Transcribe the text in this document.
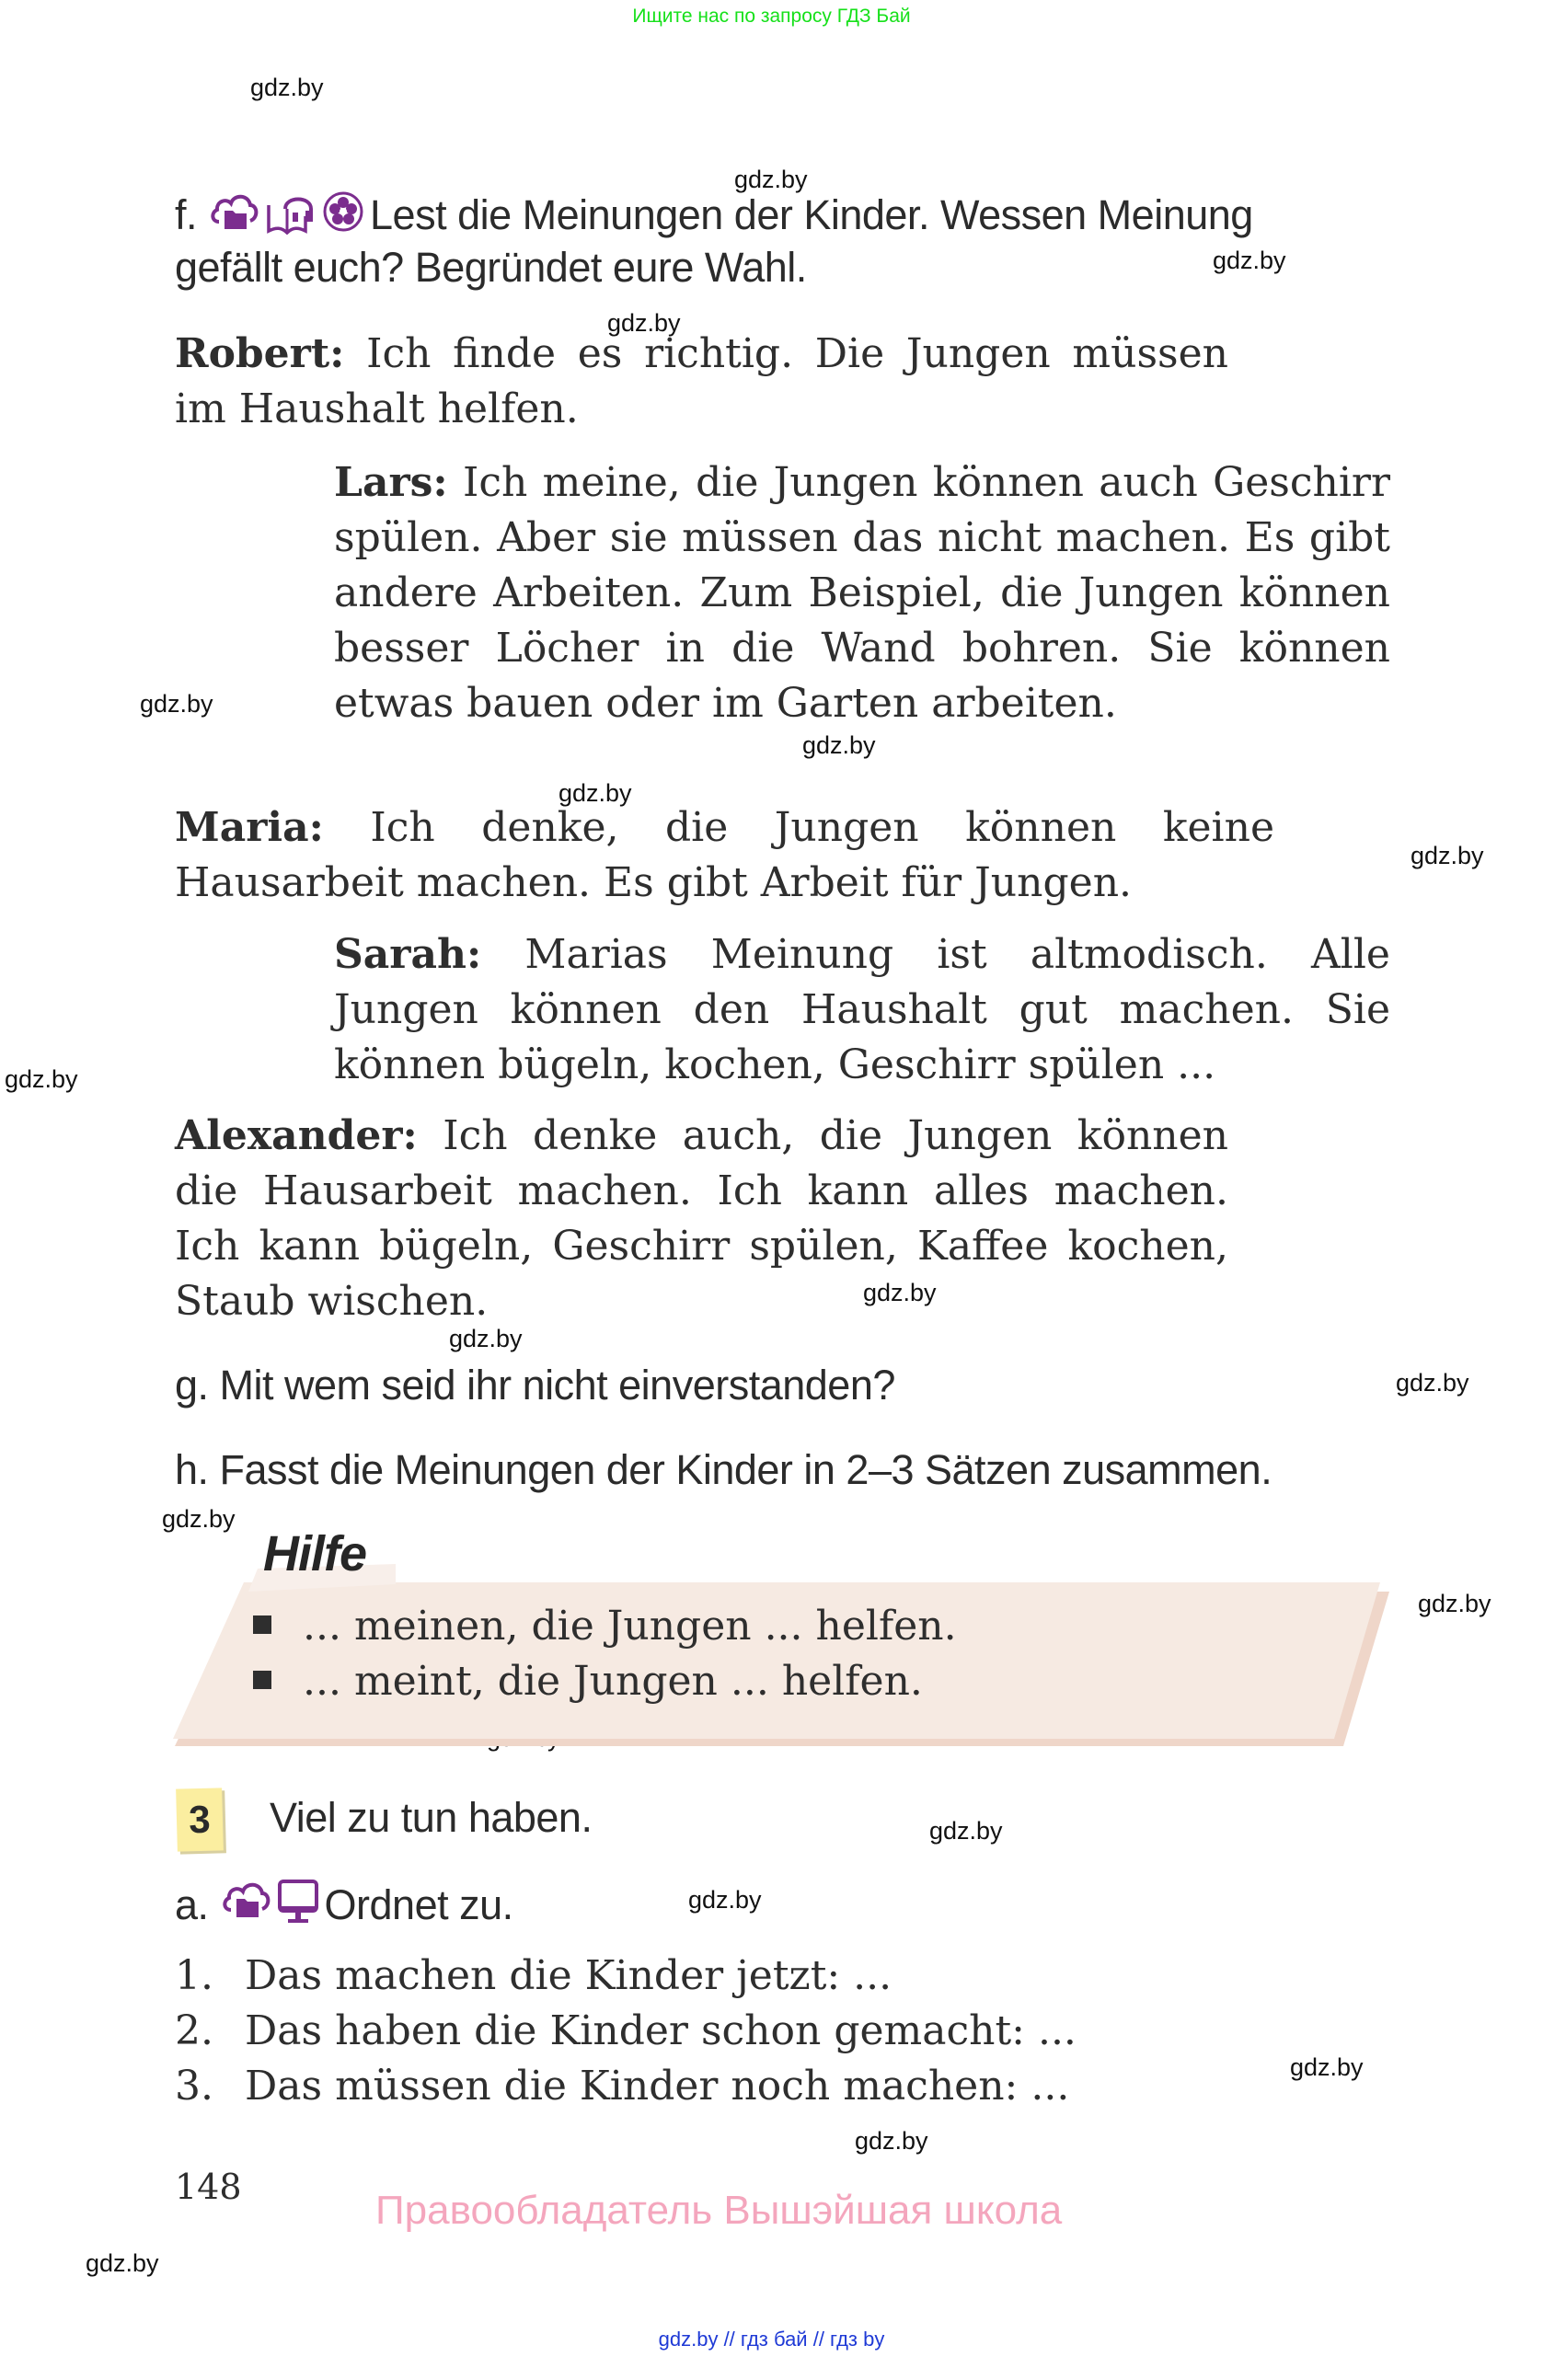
Ищите нас по запросу ГДЗ Бай
gdz.by
gdz.by
gdz.by
gdz.by
gdz.by
gdz.by
gdz.by
gdz.by
gdz.by
gdz.by
gdz.by
gdz.by
gdz.by
gdz.by
gdz.by
gdz.by
gdz.by
gdz.by
gdz.by
f.	Lest die Meinungen der Kinder. Wessen Meinung
gefällt euch? Begründet eure Wahl.
Robert: Ich finde es richtig. Die Jungen müssen im Haushalt helfen.
Lars: Ich meine, die Jungen können auch Geschirr spülen. Aber sie müssen das nicht machen. Es gibt andere Arbeiten. Zum Beispiel, die Jungen können besser Löcher in die Wand bohren. Sie können etwas bauen oder im Garten arbeiten.
Maria: Ich denke, die Jungen können keine Hausarbeit machen. Es gibt Arbeit für Jungen.
Sarah: Marias Meinung ist altmodisch. Alle Jungen können den Haushalt gut machen. Sie können bügeln, kochen, Geschirr spülen ...
Alexander: Ich denke auch, die Jungen können die Hausarbeit machen. Ich kann alles machen. Ich kann bügeln, Geschirr spülen, Kaffee kochen, Staub wischen.
g. Mit wem seid ihr nicht einverstanden?
h. Fasst die Meinungen der Kinder in 2–3 Sätzen zusammen.
Hilfe
... meinen, die Jungen ... helfen.
... meint, die Jungen ... helfen.
3	Viel zu tun haben.
a.	Ordnet zu.
1. Das machen die Kinder jetzt: ...
2. Das haben die Kinder schon gemacht: ...
3. Das müssen die Kinder noch machen: ...
148
Правообладатель Вышэйшая школа
gdz.by // гдз бай // гдз by
